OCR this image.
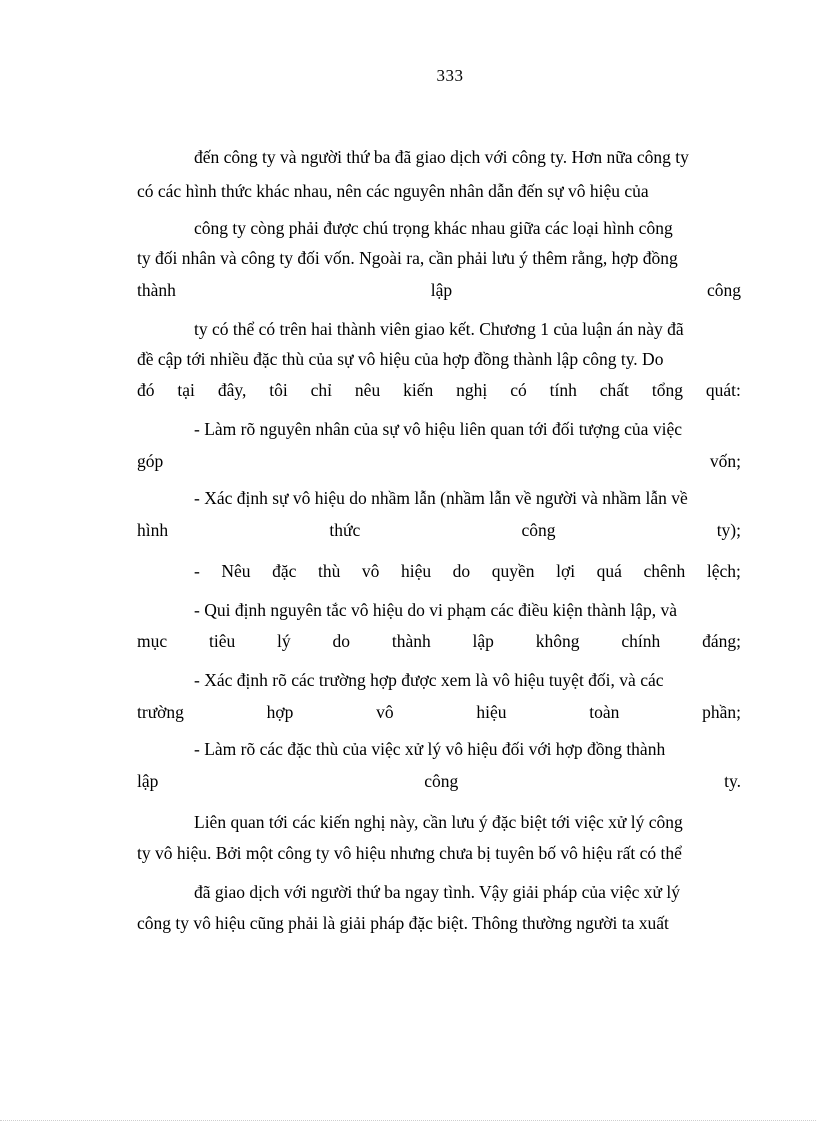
333
đến công ty và người thứ ba đã giao dịch với công ty. Hơn nữa công ty
có các hình thức khác nhau, nên các nguyên nhân dẫn đến sự vô hiệu của
công ty còng phải được chú trọng khác nhau giữa các loại hình công
ty đối nhân và công ty đối vốn. Ngoài ra, cần phải lưu ý thêm rằng, hợp đồng
thành	lập	công
ty có thể có trên hai thành viên giao kết. Chương 1 của luận án này đã
đề cập tới nhiều đặc thù của sự vô hiệu của hợp đồng thành lập công ty. Do
đó tại đây, tôi chỉ nêu kiến nghị có tính chất tổng quát:
- Làm rõ nguyên nhân của sự vô hiệu liên quan tới đối tượng của việc
góp	vốn;
- Xác định sự vô hiệu do nhầm lẫn (nhầm lẫn về người và nhầm lẫn về
hình	thức	công	ty);
- Nêu đặc thù vô hiệu do quyền lợi quá chênh lệch;
- Qui định nguyên tắc vô hiệu do vi phạm các điều kiện thành lập, và
mục tiêu lý do thành lập không chính đáng;
- Xác định rõ các trường hợp được xem là vô hiệu tuyệt đối, và các
trường	hợp	vô	hiệu	toàn	phần;
- Làm rõ các đặc thù của việc xử lý vô hiệu đối với hợp đồng thành
lập	công	ty.
Liên quan tới các kiến nghị này, cần lưu ý đặc biệt tới việc xử lý công
ty vô hiệu. Bởi một công ty vô hiệu nhưng chưa bị tuyên bố vô hiệu rất có thể
đã giao dịch với người thứ ba ngay tình. Vậy giải pháp của việc xử lý
công ty vô hiệu cũng phải là giải pháp đặc biệt. Thông thường người ta xuất
